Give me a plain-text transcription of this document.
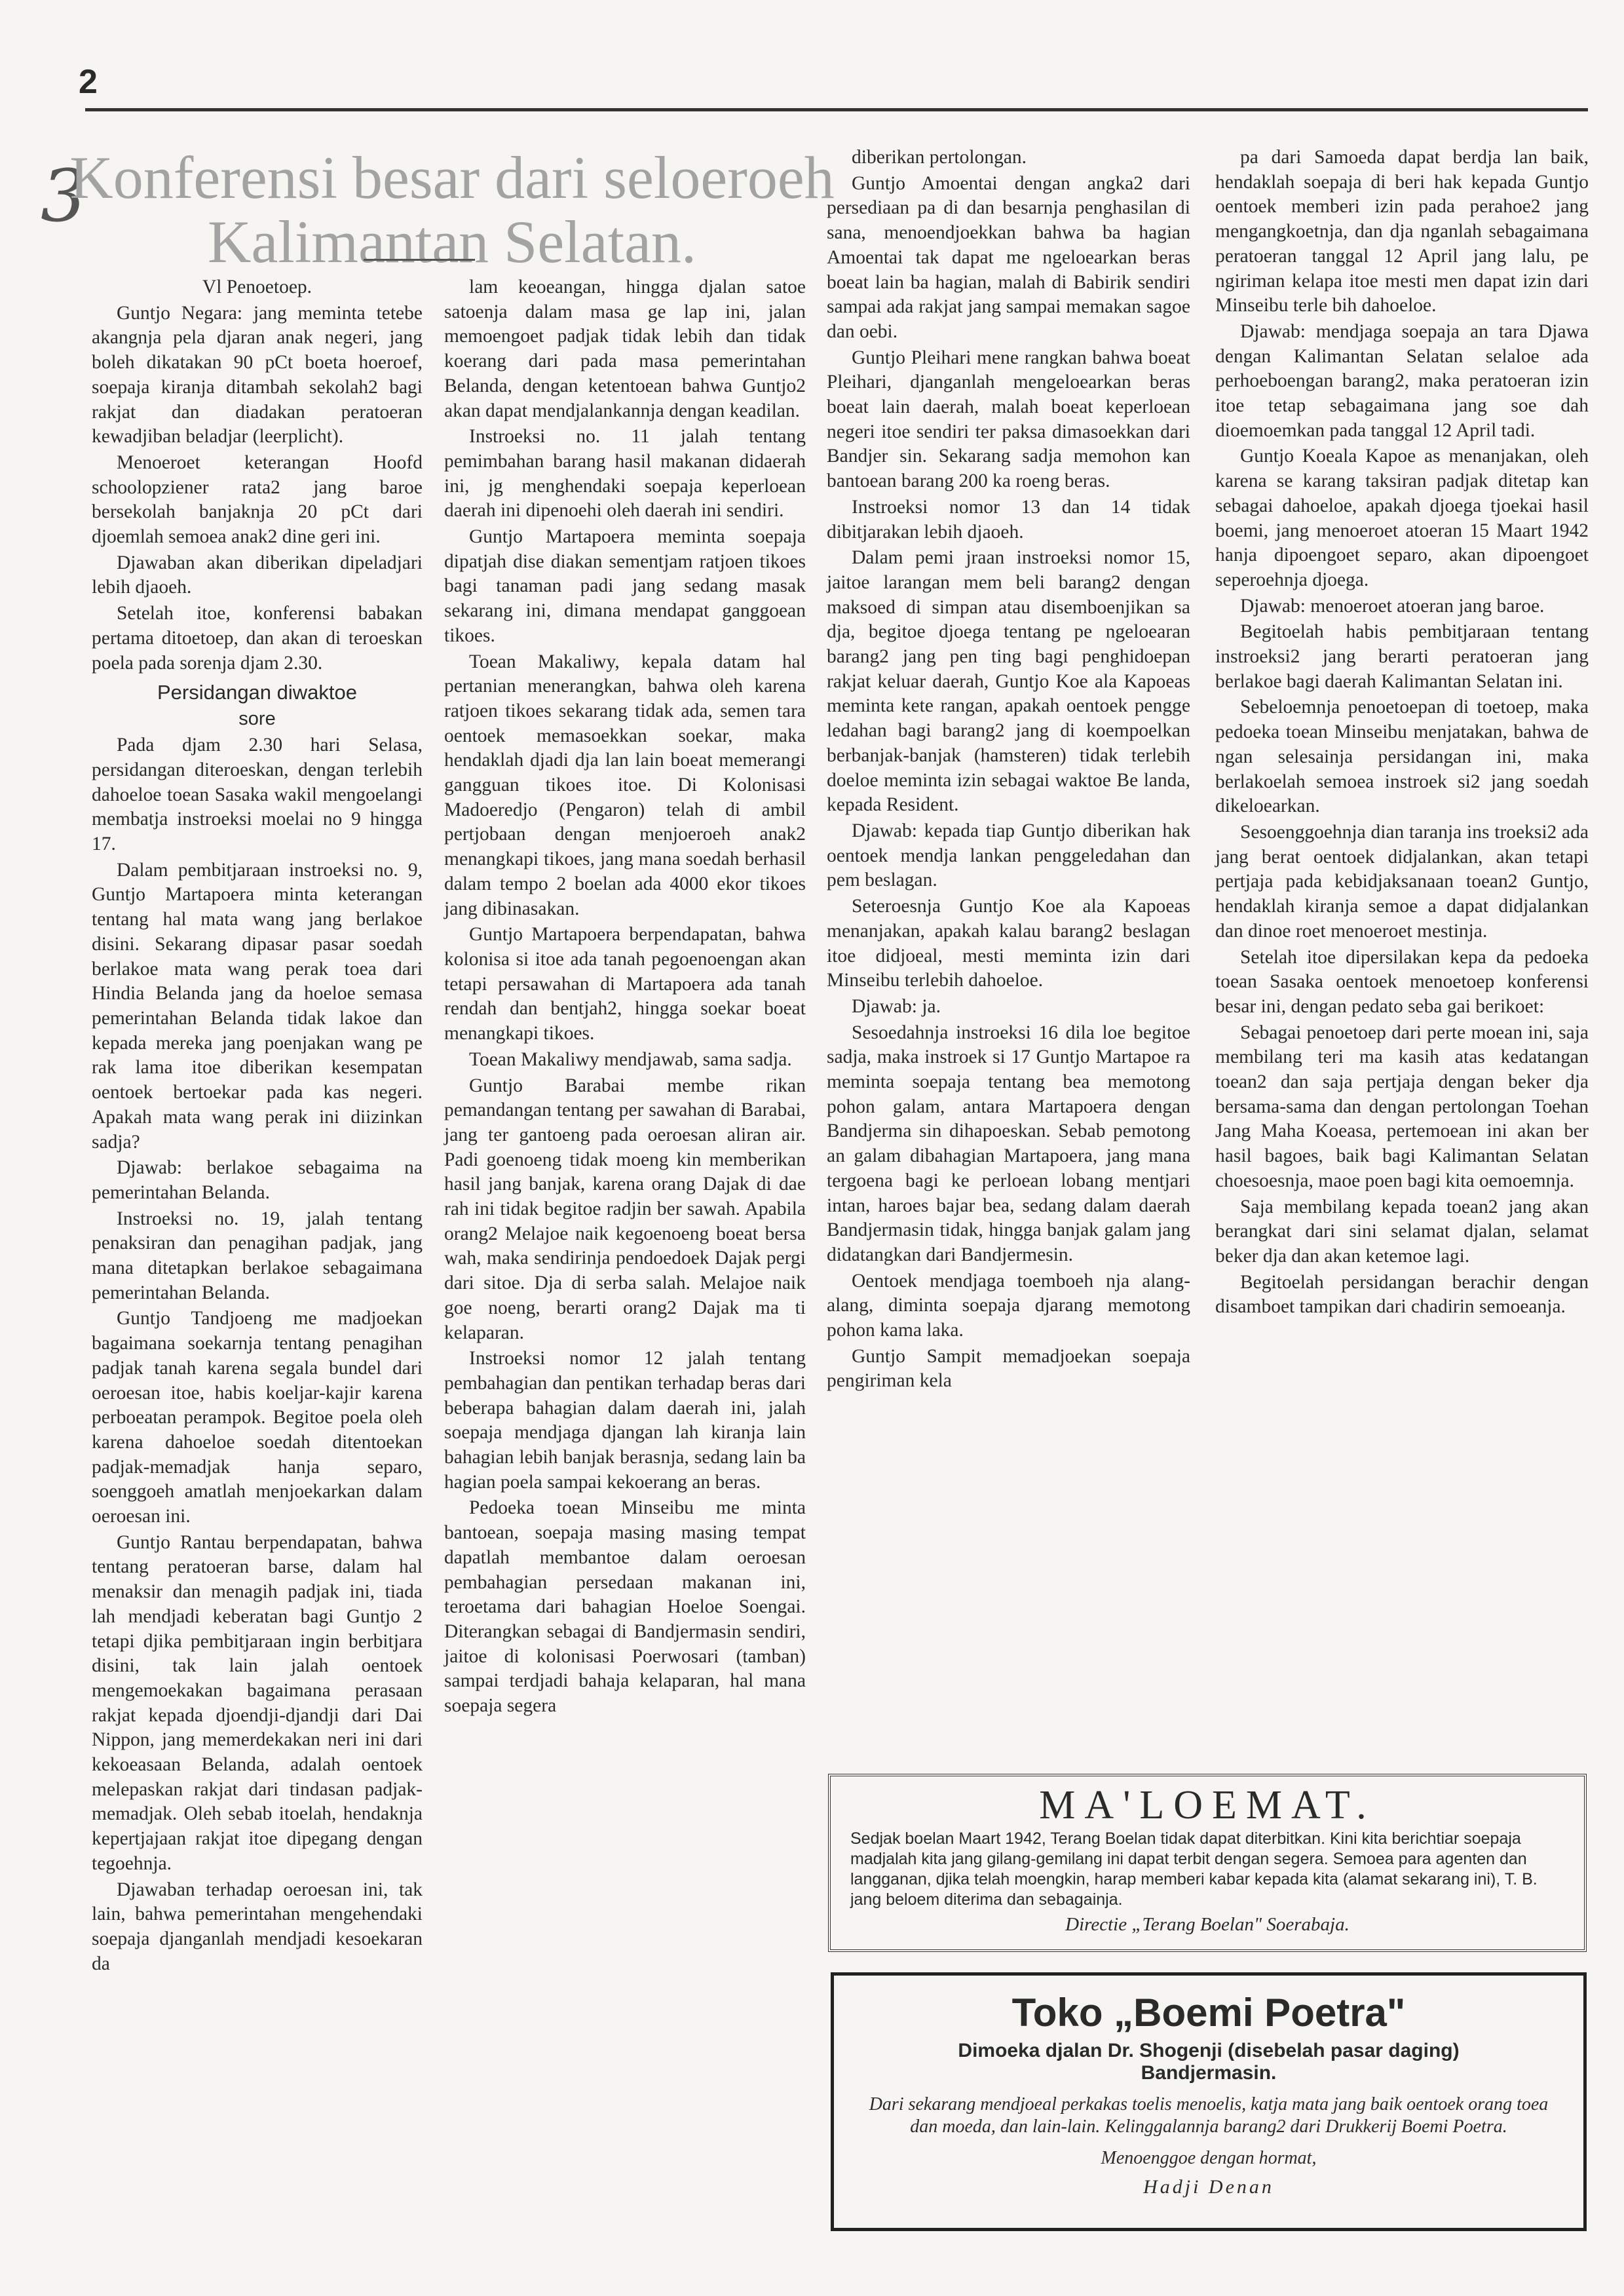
2
3
Konferensi besar dari seloeroeh
Kalimantan Selatan.

Vl Penoetoep.

Guntjo Negara: jang meminta tetebe akangnja pela djaran anak negeri, jang boleh dikatakan 90 pCt boeta hoeroef, soepaja kiranja ditambah sekolah2 bagi rakjat dan diadakan peratoeran kewadjiban beladjar (leerplicht).

Menoeroet keterangan Hoofd schoolopziener rata2 jang baroe bersekolah banjaknja 20 pCt dari djoemlah semoea anak2 dine geri ini.

Djawaban akan diberikan dipeladjari lebih djaoeh.

Setelah itoe, konferensi babakan pertama ditoetoep, dan akan di teroeskan poela pada sorenja djam 2.30.

Persidangan diwaktoe
sore

Pada djam 2.30 hari Selasa, persidangan diteroeskan, dengan terlebih dahoeloe toean Sasaka wakil mengoelangi membatja instroeksi moelai no 9 hingga 17.

Dalam pembitjaraan instroeksi no. 9, Guntjo Martapoera minta keterangan tentang hal mata wang jang berlakoe disini. Sekarang dipasar pasar soedah berlakoe mata wang perak toea dari Hindia Belanda jang da hoeloe semasa pemerintahan Belanda tidak lakoe dan kepada mereka jang poenjakan wang pe rak lama itoe diberikan kesempatan oentoek bertoekar pada kas negeri. Apakah mata wang perak ini diizinkan sadja?

Djawab: berlakoe sebagaima na pemerintahan Belanda.

Instroeksi no. 19, jalah tentang penaksiran dan penagihan padjak, jang mana ditetapkan berlakoe sebagaimana pemerintahan Belanda.

Guntjo Tandjoeng me madjoekan bagaimana soekarnja tentang penagihan padjak tanah karena segala bundel dari oeroesan itoe, habis koeljar-kajir karena perboeatan perampok. Begitoe poela oleh karena dahoeloe soedah ditentoekan padjak-memadjak hanja separo, soenggoeh amatlah menjoekarkan dalam oeroesan ini.

Guntjo Rantau berpendapatan, bahwa tentang peratoeran barse, dalam hal menaksir dan menagih padjak ini, tiada lah mendjadi keberatan bagi Guntjo 2 tetapi djika pembitjaraan ingin berbitjara disini, tak lain jalah oentoek mengemoekakan bagaimana perasaan rakjat kepada djoendji-djandji dari Dai Nippon, jang memerdekakan neri ini dari kekoeasaan Belanda, adalah oentoek melepaskan rakjat dari tindasan padjak-memadjak. Oleh sebab itoelah, hendaknja kepertjajaan rakjat itoe dipegang dengan tegoehnja.

Djawaban terhadap oeroesan ini, tak lain, bahwa pemerintahan mengehendaki soepaja djanganlah mendjadi kesoekaran da

lam keoeangan, hingga djalan satoe satoenja dalam masa ge lap ini, jalan memoengoet padjak tidak lebih dan tidak koerang dari pada masa pemerintahan Belanda, dengan ketentoean bahwa Guntjo2 akan dapat mendjalankannja dengan keadilan.

Instroeksi no. 11 jalah tentang pemimbahan barang hasil makanan didaerah ini, jg menghendaki soepaja keperloean daerah ini dipenoehi oleh daerah ini sendiri.

Guntjo Martapoera meminta soepaja dipatjah dise diakan sementjam ratjoen tikoes bagi tanaman padi jang sedang masak sekarang ini, dimana mendapat ganggoean tikoes.

Toean Makaliwy, kepala datam hal pertanian menerangkan, bahwa oleh karena ratjoen tikoes sekarang tidak ada, semen tara oentoek memasoekkan soekar, maka hendaklah djadi dja lan lain boeat memerangi gangguan tikoes itoe. Di Kolonisasi Madoeredjo (Pengaron) telah di ambil pertjobaan dengan menjoeroeh anak2 menangkapi tikoes, jang mana soedah berhasil dalam tempo 2 boelan ada 4000 ekor tikoes jang dibinasakan.

Guntjo Martapoera berpendapatan, bahwa kolonisa si itoe ada tanah pegoenoengan akan tetapi persawahan di Martapoera ada tanah rendah dan bentjah2, hingga soekar boeat menangkapi tikoes.

Toean Makaliwy mendjawab, sama sadja.

Guntjo Barabai membe rikan pemandangan tentang per sawahan di Barabai, jang ter gantoeng pada oeroesan aliran air. Padi goenoeng tidak moeng kin memberikan hasil jang banjak, karena orang Dajak di dae rah ini tidak begitoe radjin ber sawah. Apabila orang2 Melajoe naik kegoenoeng boeat bersa wah, maka sendirinja pendoedoek Dajak pergi dari sitoe. Dja di serba salah. Melajoe naik goe noeng, berarti orang2 Dajak ma ti kelaparan.

Instroeksi nomor 12 jalah tentang pembahagian dan pentikan terhadap beras dari beberapa bahagian dalam daerah ini, jalah soepaja mendjaga djangan lah kiranja lain bahagian lebih banjak berasnja, sedang lain ba hagian poela sampai kekoerang an beras.

Pedoeka toean Minseibu me minta bantoean, soepaja masing masing tempat dapatlah membantoe dalam oeroesan pembahagian persedaan makanan ini, teroetama dari bahagian Hoeloe Soengai. Diterangkan sebagai di Bandjermasin sendiri, jaitoe di kolonisasi Poerwosari (tamban) sampai terdjadi bahaja kelaparan, hal mana soepaja segera

diberikan pertolongan.

Guntjo Amoentai dengan angka2 dari persediaan pa di dan besarnja penghasilan di sana, menoendjoekkan bahwa ba hagian Amoentai tak dapat me ngeloearkan beras boeat lain ba hagian, malah di Babirik sendiri sampai ada rakjat jang sampai memakan sagoe dan oebi.

Guntjo Pleihari mene rangkan bahwa boeat Pleihari, djanganlah mengeloearkan beras boeat lain daerah, malah boeat keperloean negeri itoe sendiri ter paksa dimasoekkan dari Bandjer sin. Sekarang sadja memohon kan bantoean barang 200 ka roeng beras.

Instroeksi nomor 13 dan 14 tidak dibitjarakan lebih djaoeh.

Dalam pemi jraan instroeksi nomor 15, jaitoe larangan mem beli barang2 dengan maksoed di simpan atau disemboenjikan sa dja, begitoe djoega tentang pe ngeloearan barang2 jang pen ting bagi penghidoepan rakjat keluar daerah, Guntjo Koe ala Kapoeas meminta kete rangan, apakah oentoek pengge ledahan bagi barang2 jang di koempoelkan berbanjak-banjak (hamsteren) tidak terlebih doeloe meminta izin sebagai waktoe Be landa, kepada Resident.

Djawab: kepada tiap Guntjo diberikan hak oentoek mendja lankan penggeledahan dan pem beslagan.

Seteroesnja Guntjo Koe ala Kapoeas menanjakan, apakah kalau barang2 beslagan itoe didjoeal, mesti meminta izin dari Minseibu terlebih dahoeloe.

Djawab: ja.

Sesoedahnja instroeksi 16 dila loe begitoe sadja, maka instroek si 17 Guntjo Martapoe ra meminta soepaja tentang bea memotong pohon galam, antara Martapoera dengan Bandjerma sin dihapoeskan. Sebab pemotong an galam dibahagian Martapoera, jang mana tergoena bagi ke perloean lobang mentjari intan, haroes bajar bea, sedang dalam daerah Bandjermasin tidak, hingga banjak galam jang didatangkan dari Bandjermesin.

Oentoek mendjaga toemboeh nja alang-alang, diminta soepaja djarang memotong pohon kama laka.

Guntjo Sampit memadjoekan soepaja pengiriman kela

pa dari Samoeda dapat berdja lan baik, hendaklah soepaja di beri hak kepada Guntjo oentoek memberi izin pada perahoe2 jang mengangkoetnja, dan dja nganlah sebagaimana peratoeran tanggal 12 April jang lalu, pe ngiriman kelapa itoe mesti men dapat izin dari Minseibu terle bih dahoeloe.

Djawab: mendjaga soepaja an tara Djawa dengan Kalimantan Selatan selaloe ada perhoeboengan barang2, maka peratoeran izin itoe tetap sebagaimana jang soe dah dioemoemkan pada tanggal 12 April tadi.

Guntjo Koeala Kapoe as menanjakan, oleh karena se karang taksiran padjak ditetap kan sebagai dahoeloe, apakah djoega tjoekai hasil boemi, jang menoeroet atoeran 15 Maart 1942 hanja dipoengoet separo, akan dipoengoet seperoehnja djoega.

Djawab: menoeroet atoeran jang baroe.

Begitoelah habis pembitjaraan tentang instroeksi2 jang berarti peratoeran jang berlakoe bagi daerah Kalimantan Selatan ini.

Sebeloemnja penoetoepan di toetoep, maka pedoeka toean Minseibu menjatakan, bahwa de ngan selesainja persidangan ini, maka berlakoelah semoea instroek si2 jang soedah dikeloearkan.

Sesoenggoehnja dian taranja ins troeksi2 ada jang berat oentoek didjalankan, akan tetapi pertjaja pada kebidjaksanaan toean2 Guntjo, hendaklah kiranja semoe a dapat didjalankan dan dinoe roet menoeroet mestinja.

Setelah itoe dipersilakan kepa da pedoeka toean Sasaka oentoek menoetoep konferensi besar ini, dengan pedato seba gai berikoet:

Sebagai penoetoep dari perte moean ini, saja membilang teri ma kasih atas kedatangan toean2 dan saja pertjaja dengan beker dja bersama-sama dan dengan pertolongan Toehan Jang Maha Koeasa, pertemoean ini akan ber hasil bagoes, baik bagi Kalimantan Selatan choesoesnja, maoe poen bagi kita oemoemnja.

Saja membilang kepada toean2 jang akan berangkat dari sini selamat djalan, selamat beker dja dan akan ketemoe lagi.

Begitoelah persidangan berachir dengan disamboet tampikan dari chadirin semoeanja.

MA'LOEMAT.
Sedjak boelan Maart 1942, Terang Boelan tidak dapat diterbitkan. Kini kita berichtiar soepaja madjalah kita jang gilang-gemilang ini dapat terbit dengan segera. Semoea para agenten dan langganan, djika telah moengkin, harap memberi kabar kepada kita (alamat sekarang ini), T. B. jang beloem diterima dan sebagainja.
Directie „Terang Boelan" Soerabaja.
Toko „Boemi Poetra"
Dimoeka djalan Dr. Shogenji (disebelah pasar daging)
Bandjermasin.
Dari sekarang mendjoeal perkakas toelis menoelis, katja mata jang baik oentoek orang toea dan moeda, dan lain-lain. Kelinggalannja barang2 dari Drukkerij Boemi Poetra.
Menoenggoe dengan hormat,
Hadji Denan
